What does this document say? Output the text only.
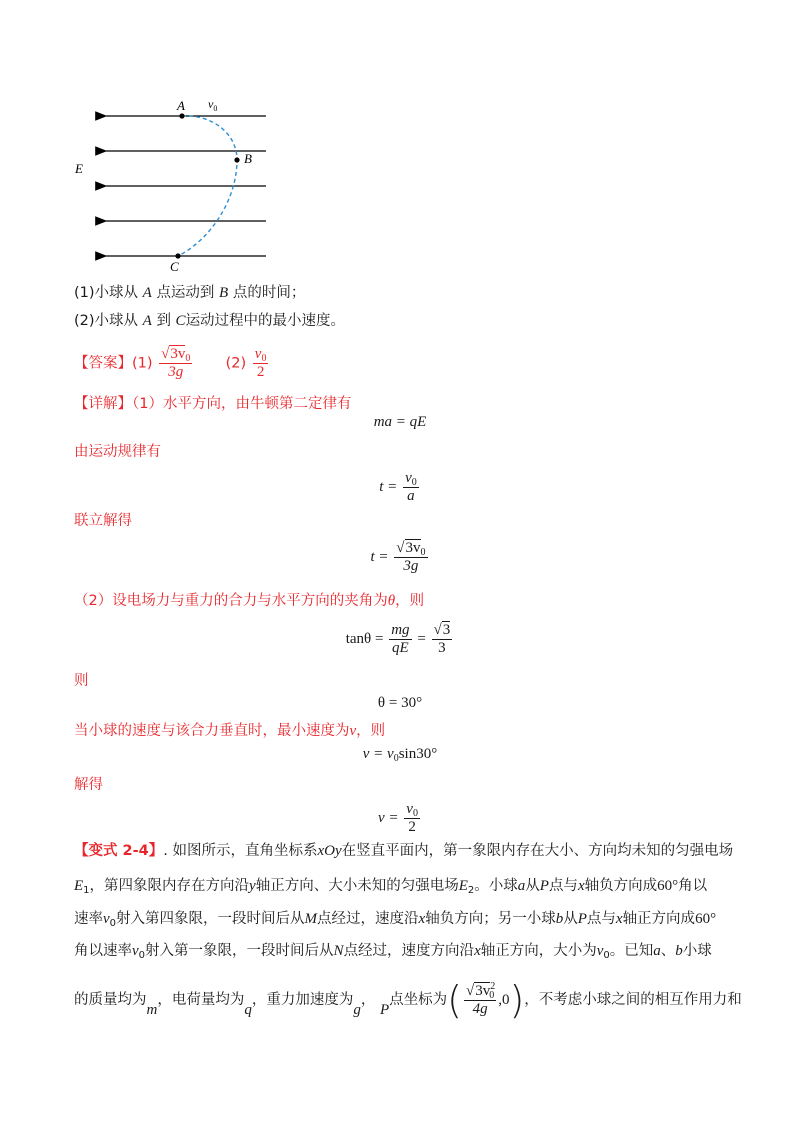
A $v_0$
B
E
C
(1)小球从 A 点运动到 B 点的时间；
(2)小球从 A 到 C运动过程中的最小速度。
【答案】$(1) \frac{√3v_0}{3g} (2) \frac{v_0}{2}$
【详解】（1）水平方向，由牛顿第二定律有
ma = qE
由运动规律有
$t = \frac{v_0}{a}$
联立解得
$t = \frac{√3v_0}{3g}$
（2）设电场力与重力的合力与水平方向的夹角为θ，则
$\tan\theta = \frac{mg}{qE} = \frac{√3}{3}$
则
θ = 30°
当小球的速度与该合力垂直时，最小速度为v，则
$v = v_0\sin 30^\circ$
解得
$v = \frac{v_0}{2}$
【变式 2-4】. 如图所示，直角坐标系xOy在竖直平面内，第一象限内存在大小、方向均未知的匀强电场
$E_1$，第四象限内存在方向沿y轴正方向、大小未知的匀强电场$E_2$。小球a从P点与x轴负方向成60°角以
速率$v_0$射入第四象限，一段时间后从M点经过，速度沿x轴负方向；另一小球b从P点与x轴正方向成60°
角以速率$v_0$射入第一象限，一段时间后从N点经过，速度方向沿x轴正方向，大小为$v_0$。已知a、b小球
的质量均为m，电荷量均为q，重力加速度为g， P点坐标为( $\frac{√3v^2_0}{4g} ,0$)，不考虑小球之间的相互作用力和
